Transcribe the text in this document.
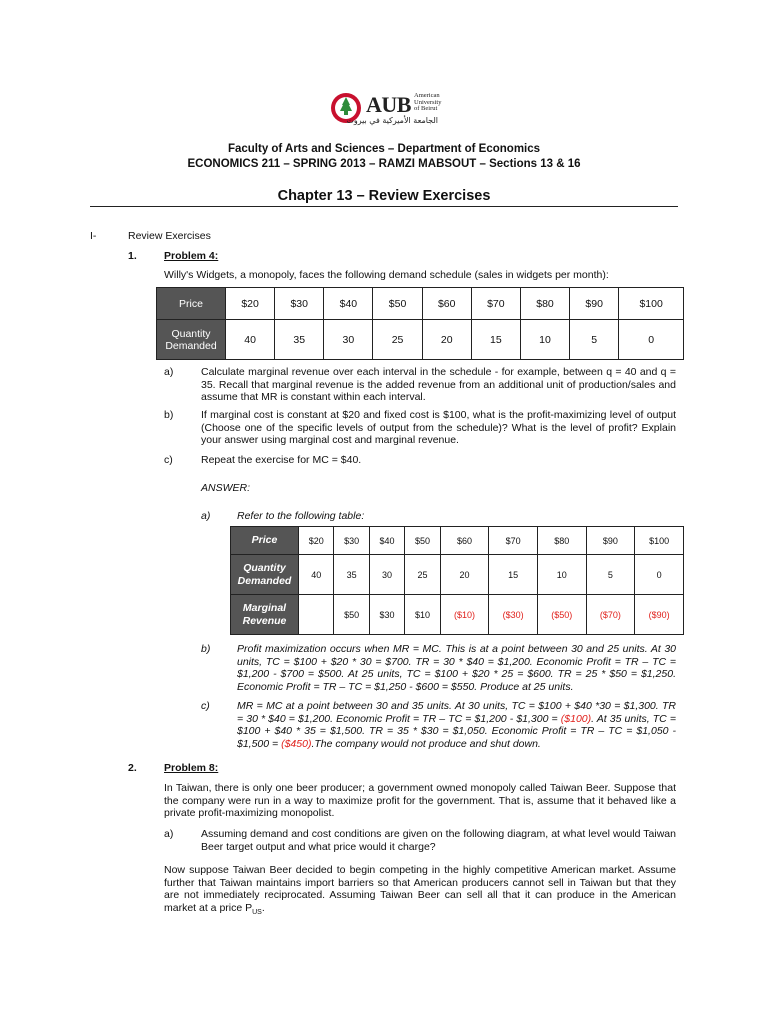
AUB American
University
of Beirut
الجامعة الأميركية في بيروت
Faculty of Arts and Sciences – Department of Economics
ECONOMICS 211 – SPRING 2013 – RAMZI MABSOUT – Sections 13 & 16
Chapter 13 – Review Exercises
I-	Review Exercises
1.	Problem 4:
Willy's Widgets, a monopoly, faces the following demand schedule (sales in widgets per month):
Price	$20	$30	$40	$50	$60	$70	$80	$90	$100

Quantity
Demanded	40	35	30	25	20	15	10	5	0
a)	Calculate marginal revenue over each interval in the schedule - for example, between q = 40 and q = 35. Recall that marginal revenue is the added revenue from an additional unit of production/sales and assume that MR is constant within each interval.
b)	If marginal cost is constant at $20 and fixed cost is $100, what is the profit-maximizing level of output (Choose one of the specific levels of output from the schedule)? What is the level of profit? Explain your answer using marginal cost and marginal revenue.
c)	Repeat the exercise for MC = $40.
ANSWER:
a)	Refer to the following table:
Price	$20	$30	$40	$50	$60	$70	$80	$90	$100

Quantity
Demanded	40	35	30	25	20	15	10	5	0

Marginal
Revenue		$50	$30	$10	($10)	($30)	($50)	($70)	($90)
b)	Profit maximization occurs when MR = MC. This is at a point between 30 and 25 units. At 30 units, TC = $100 + $20 * 30 = $700. TR = 30 * $40 = $1,200. Economic Profit = TR – TC = $1,200 - $700 = $500. At 25 units, TC = $100 + $20 * 25 = $600. TR = 25 * $50 = $1,250. Economic Profit = TR – TC = $1,250 - $600 = $550. Produce at 25 units.
c)	MR = MC at a point between 30 and 35 units. At 30 units, TC = $100 + $40 *30 = $1,300. TR = 30 * $40 = $1,200. Economic Profit = TR – TC = $1,200 - $1,300 = ($100). At 35 units, TC = $100 + $40 * 35 = $1,500. TR = 35 * $30 = $1,050. Economic Profit = TR – TC = $1,050 - $1,500 = ($450).The company would not produce and shut down.
2.	Problem 8:
In Taiwan, there is only one beer producer; a government owned monopoly called Taiwan Beer. Suppose that the company were run in a way to maximize profit for the government. That is, assume that it behaved like a private profit-maximizing monopolist.
a)	Assuming demand and cost conditions are given on the following diagram, at what level would Taiwan Beer target output and what price would it charge?
Now suppose Taiwan Beer decided to begin competing in the highly competitive American market. Assume further that Taiwan maintains import barriers so that American producers cannot sell in Taiwan but that they are not immediately reciprocated. Assuming Taiwan Beer can sell all that it can produce in the American market at a price $P_{US}$.
